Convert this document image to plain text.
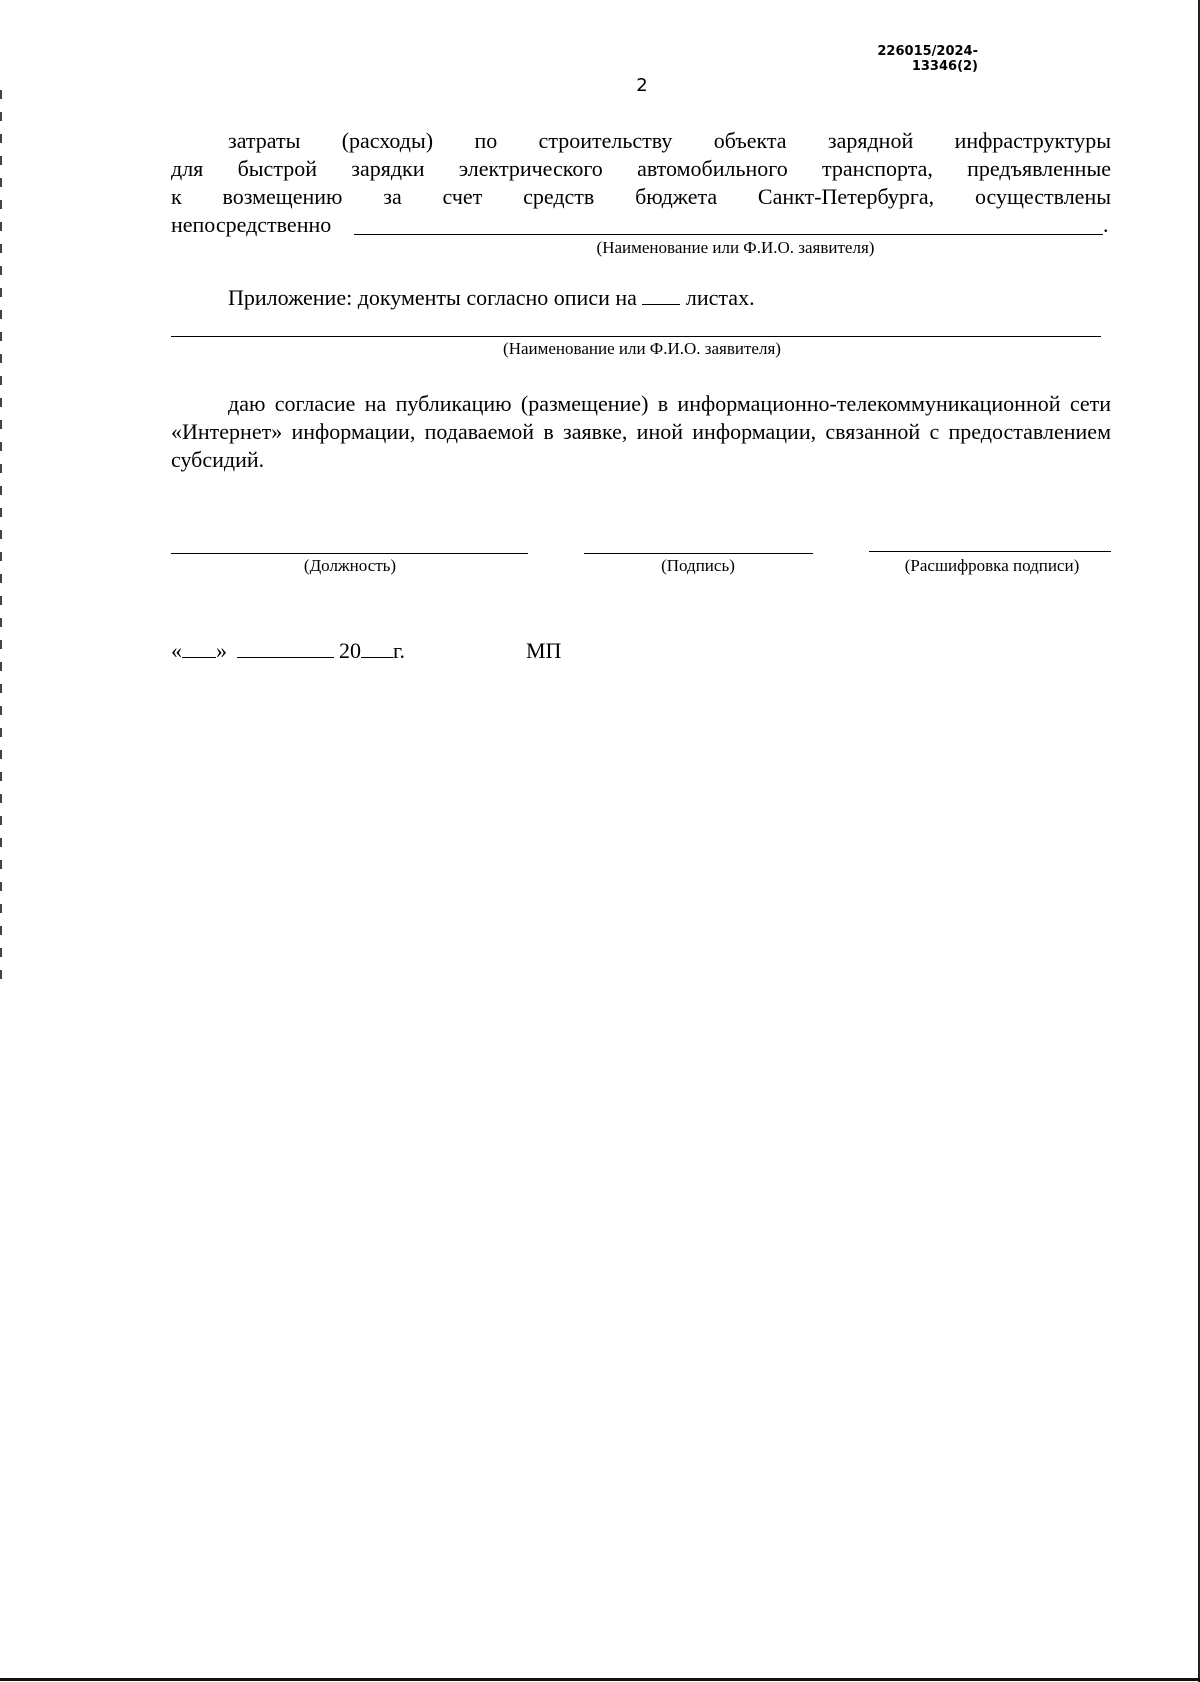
226015/2024-13346(2)
2
затраты (расходы) по строительству объекта зарядной инфраструктуры
для быстрой зарядки электрического автомобильного транспорта, предъявленные
к возмещению за счет средств бюджета Санкт-Петербурга, осуществлены
непосредственно	.
(Наименование или Ф.И.О. заявителя)
Приложение: документы согласно описи на листах.
(Наименование или Ф.И.О. заявителя)
даю согласие на публикацию (размещение) в информационно-телекоммуникационной сети «Интернет» информации, подаваемой в заявке, иной информации, связанной с предоставлением субсидий.
(Должность)	(Подпись)	(Расшифровка подписи)
« »	20 г.	МП
